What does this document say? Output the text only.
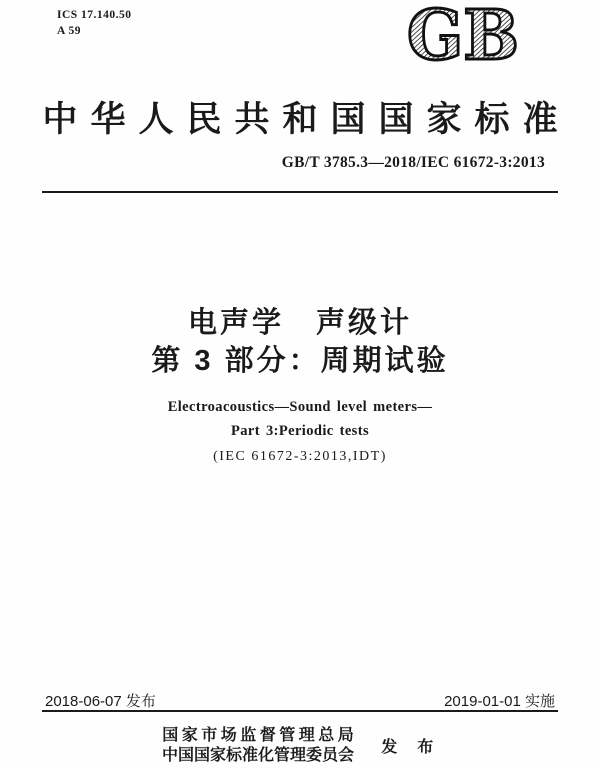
ICS 17.140.50
A 59	GB
中华人民共和国国家标准
GB/T 3785.3—2018/IEC 61672-3:2013
电声学　声级计
第 3 部分：周期试验
Electroacoustics—Sound level meters—
Part 3:Periodic tests
(IEC 61672-3:2013,IDT)
2018-06-07 发布	2019-01-01 实施
国家市场监督管理总局
中国国家标准化管理委员会	发 布
